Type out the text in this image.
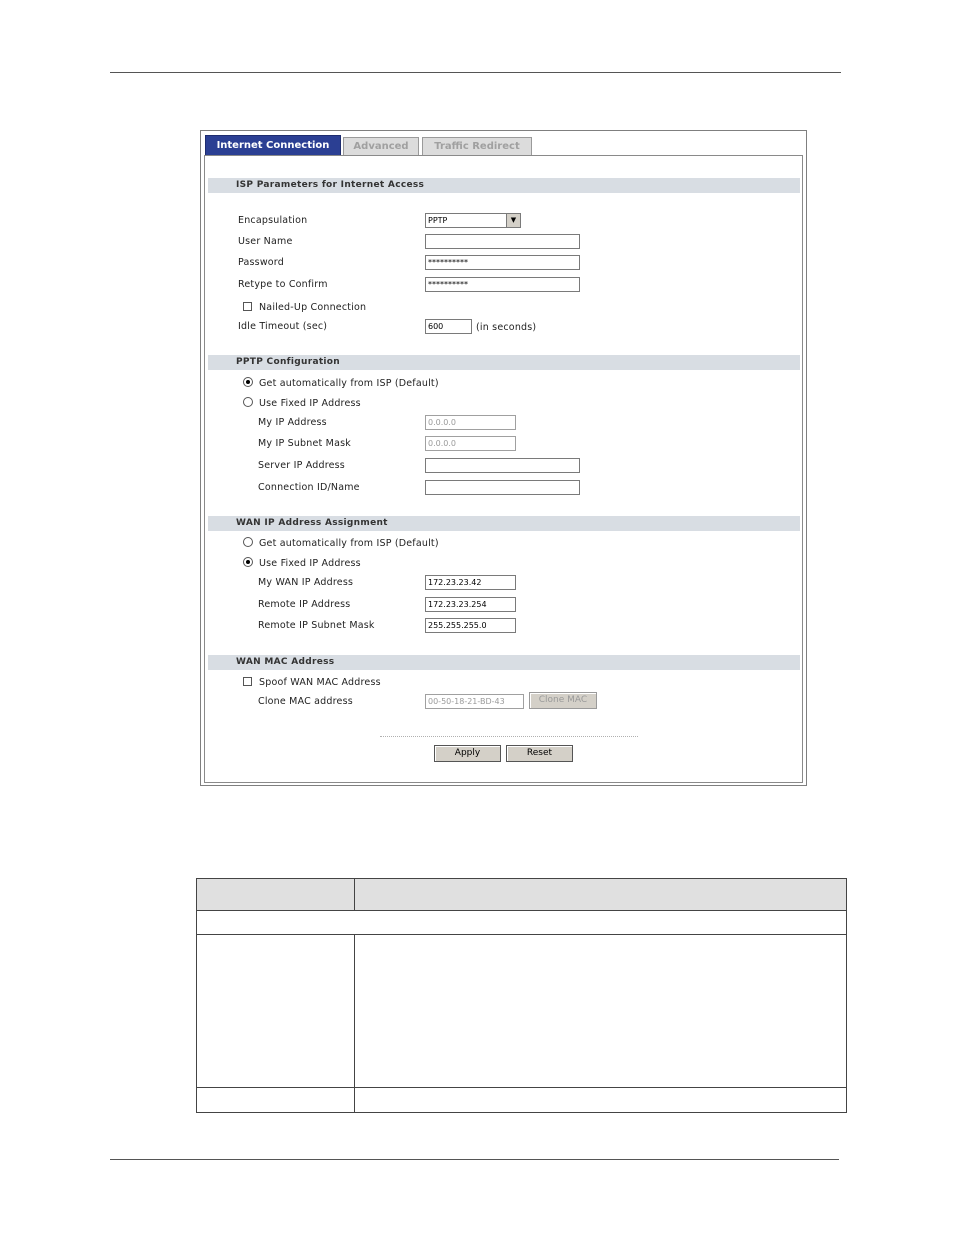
Internet Connection	Advanced	Traffic Redirect
ISP Parameters for Internet Access
Encapsulation	PPTP	▼
User Name
Password	**********
Retype to Confirm	**********
Nailed-Up Connection
Idle Timeout (sec)	600	(in seconds)
PPTP Configuration
Get automatically from ISP (Default)
Use Fixed IP Address
My IP Address	0.0.0.0
My IP Subnet Mask	0.0.0.0
Server IP Address
Connection ID/Name
WAN IP Address Assignment
Get automatically from ISP (Default)
Use Fixed IP Address
My WAN IP Address	172.23.23.42
Remote IP Address	172.23.23.254
Remote IP Subnet Mask	255.255.255.0
WAN MAC Address
Spoof WAN MAC Address
Clone MAC address	00-50-18-21-BD-43	Clone MAC
Apply	Reset
